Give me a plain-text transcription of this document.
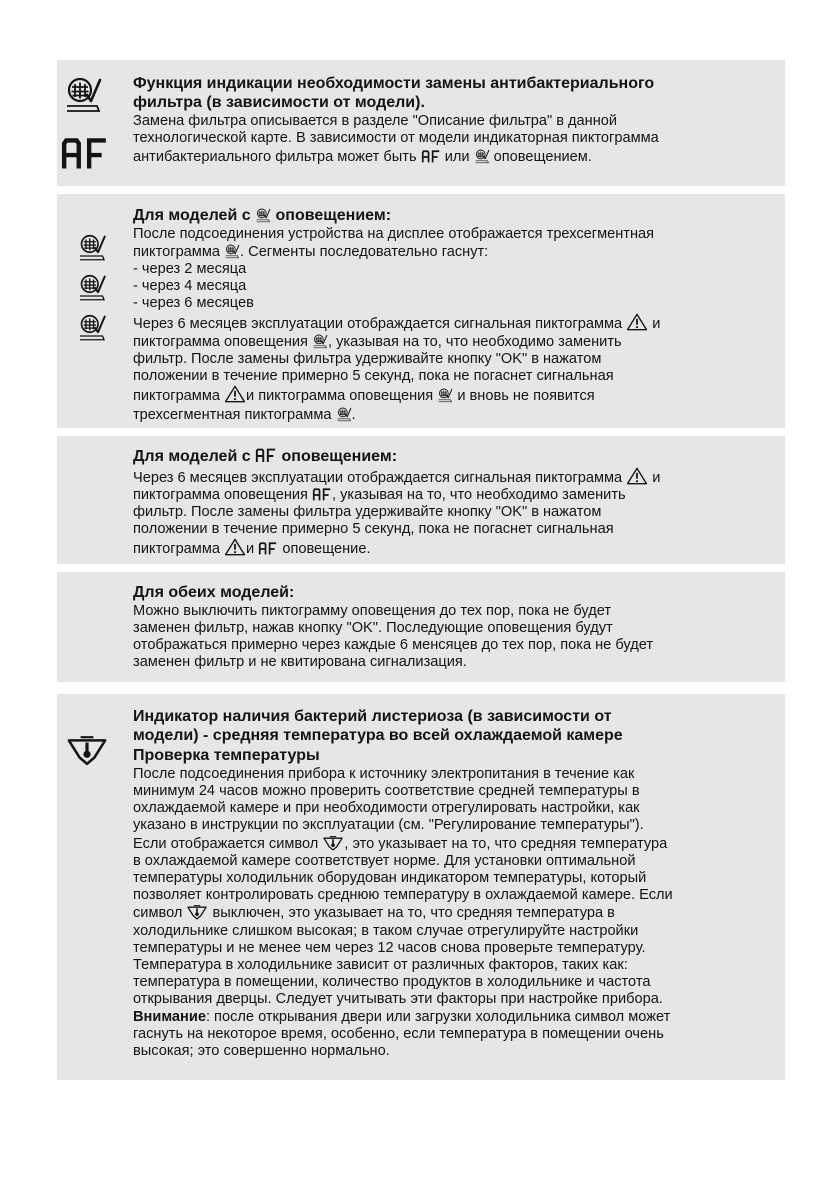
Функция индикации необходимости замены антибактериального
фильтра (в зависимости от модели).
Замена фильтра описывается в разделе "Описание фильтра" в данной
технологической карте. В зависимости от модели индикаторная пиктограмма
антибактериального фильтра может быть или оповещением.
Для моделей с оповещением:
После подсоединения устройства на дисплее отображается трехсегментная
пиктограмма . Сегменты последовательно гаснут:
- через 2 месяца
- через 4 месяца
- через 6 месяцев
Через 6 месяцев эксплуатации отображдается сигнальная пиктограмма и
пиктограмма оповещения , указывая на то, что необходимо заменить
фильтр. После замены фильтра удерживайте кнопку "OK" в нажатом
положении в течение примерно 5 секунд, пока не погаснет сигнальная
пиктограмма и пиктограмма оповещения и вновь не появится
трехсегментная пиктограмма .
Для моделей с оповещением:
Через 6 месяцев эксплуатации отображдается сигнальная пиктограмма и
пиктограмма оповещения , указывая на то, что необходимо заменить
фильтр. После замены фильтра удерживайте кнопку "OK" в нажатом
положении в течение примерно 5 секунд, пока не погаснет сигнальная
пиктограмма и оповещение.
Для обеих моделей:
Можно выключить пиктограмму оповещения до тех пор, пока не будет
заменен фильтр, нажав кнопку "OK". Последующие оповещения будут
отображаться примерно через каждые 6 менсяцев до тех пор, пока не будет
заменен фильтр и не квитирована сигнализация.
Индикатор наличия бактерий листериоза (в зависимости от
модели) - средняя температура во всей охлаждаемой камере
Проверка температуры
После подсоединения прибора к источнику электропитания в течение как
минимум 24 часов можно проверить соответствие средней температуры в
охлаждаемой камере и при необходимости отрегулировать настройки, как
указано в инструкции по эксплуатации (см. "Регулирование температуры").
Если отображается символ , это указывает на то, что средняя температура
в охлаждаемой камере соответствует норме. Для установки оптимальной
температуры холодильник оборудован индикатором температуры, который
позволяет контролировать среднюю температуру в охлаждаемой камере. Если
символ выключен, это указывает на то, что средняя температура в
холодильнике слишком высокая; в таком случае отрегулируйте настройки
температуры и не менее чем через 12 часов снова проверьте температуру.
Температура в холодильнике зависит от различных факторов, таких как:
температура в помещении, количество продуктов в холодильнике и частота
открывания дверцы. Следует учитывать эти факторы при настройке прибора.
Внимание: после открывания двери или загрузки холодильника символ может
гаснуть на некоторое время, особенно, если температура в помещении очень
высокая; это совершенно нормально.
